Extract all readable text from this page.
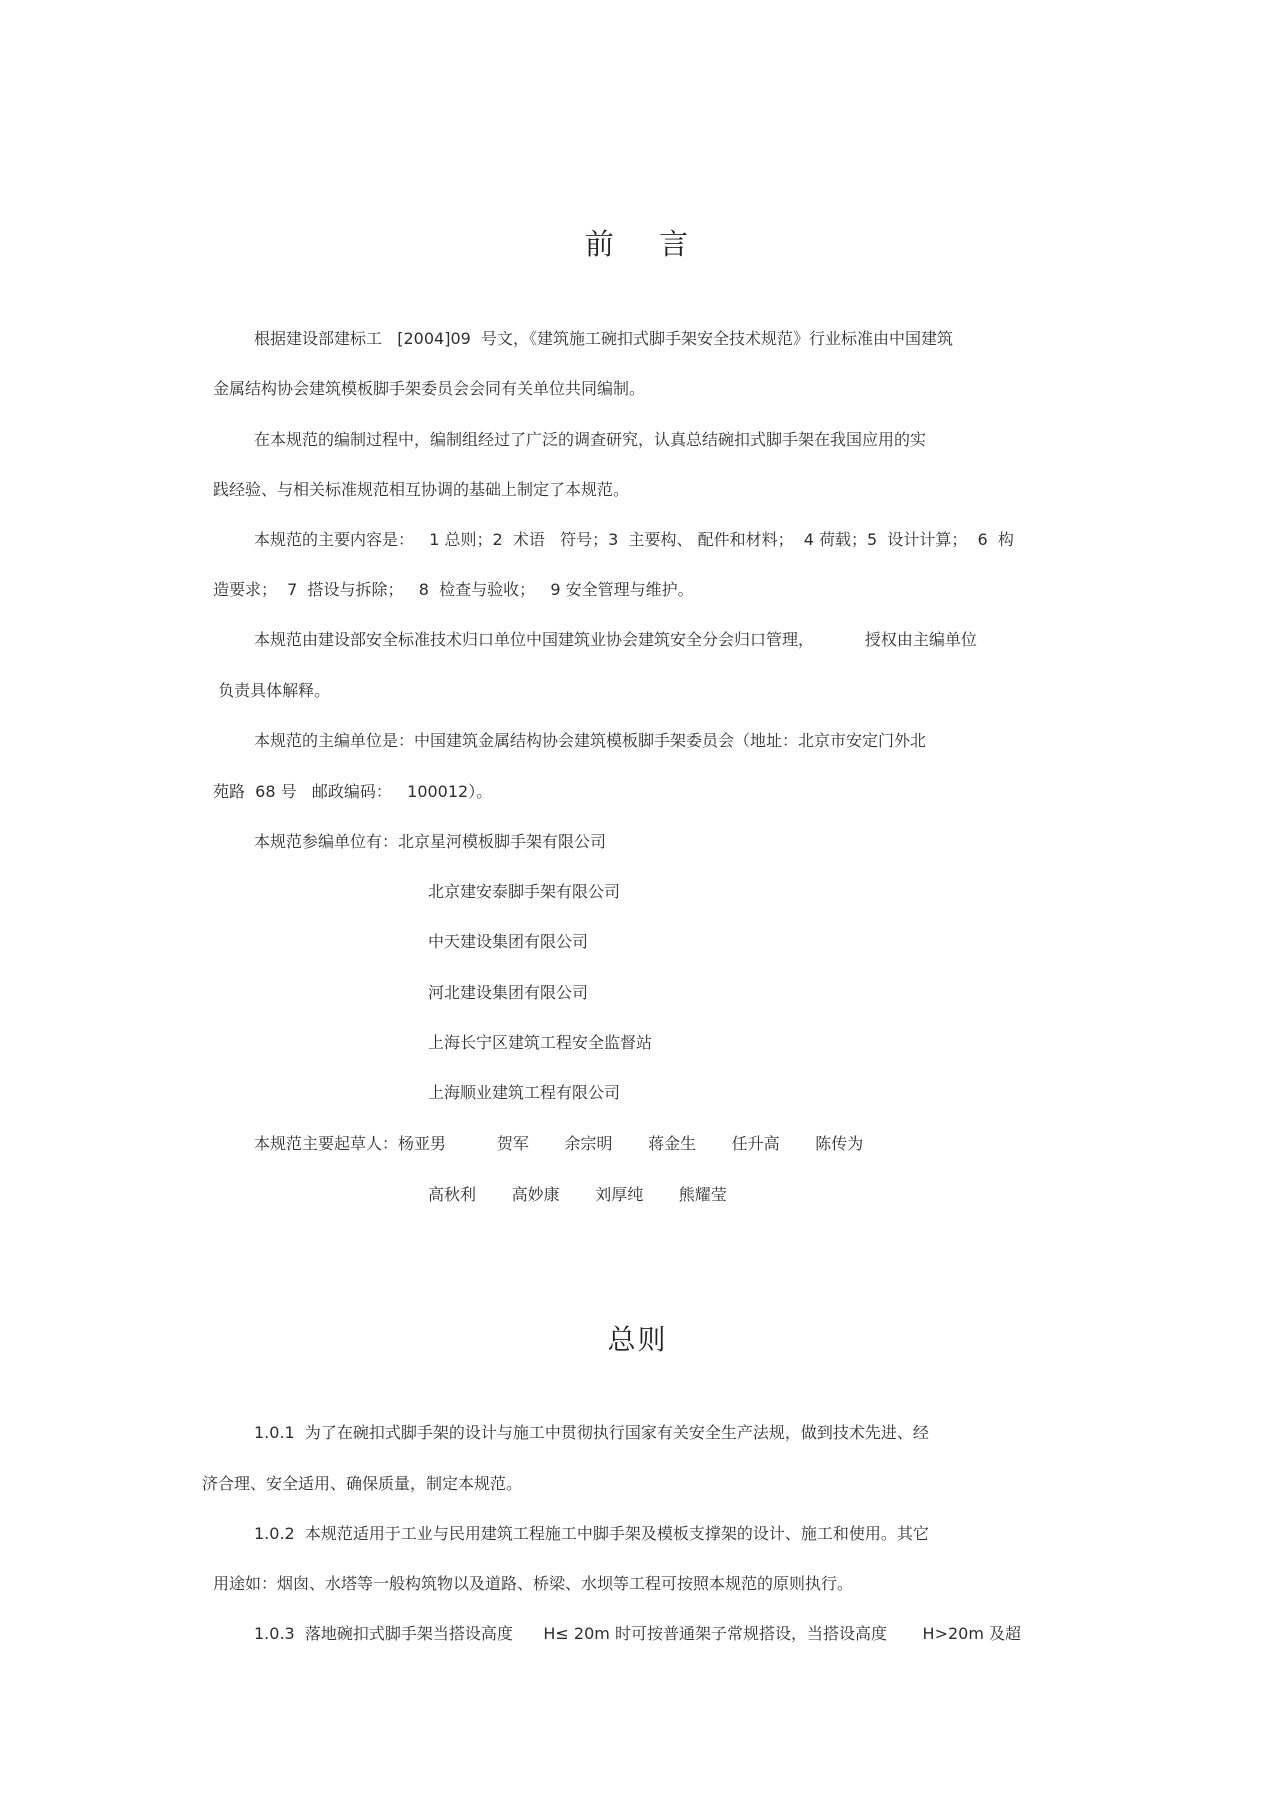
前 言
根据建设部建标工   [2004]09  号文，《建筑施工碗扣式脚手架安全技术规范》行业标准由中国建筑
金属结构协会建筑模板脚手架委员会会同有关单位共同编制。
在本规范的编制过程中，编制组经过了广泛的调查研究，认真总结碗扣式脚手架在我国应用的实
践经验、与相关标准规范相互协调的基础上制定了本规范。
本规范的主要内容是：   1 总则；2  术语   符号；3  主要构、 配件和材料；  4 荷载；5  设计计算；  6  构
造要求；  7  搭设与拆除；   8  检查与验收；   9 安全管理与维护。
本规范由建设部安全标准技术归口单位中国建筑业协会建筑安全分会归口管理，          授权由主编单位
负责具体解释。
本规范的主编单位是：中国建筑金属结构协会建筑模板脚手架委员会（地址：北京市安定门外北
苑路  68 号   邮政编码：   100012）。
本规范参编单位有：北京星河模板脚手架有限公司
北京建安泰脚手架有限公司
中天建设集团有限公司
河北建设集团有限公司
上海长宁区建筑工程安全监督站
上海顺业建筑工程有限公司
本规范主要起草人：杨亚男          贺军       余宗明       蒋金生       任升高       陈传为
高秋利       高妙康       刘厚纯       熊耀莹
总则
1.0.1  为了在碗扣式脚手架的设计与施工中贯彻执行国家有关安全生产法规，做到技术先进、经
济合理、安全适用、确保质量，制定本规范。
1.0.2  本规范适用于工业与民用建筑工程施工中脚手架及模板支撑架的设计、施工和使用。其它
用途如：烟囱、水塔等一般构筑物以及道路、桥梁、水坝等工程可按照本规范的原则执行。
1.0.3  落地碗扣式脚手架当搭设高度      H≤ 20m 时可按普通架子常规搭设，当搭设高度       H>20m 及超
